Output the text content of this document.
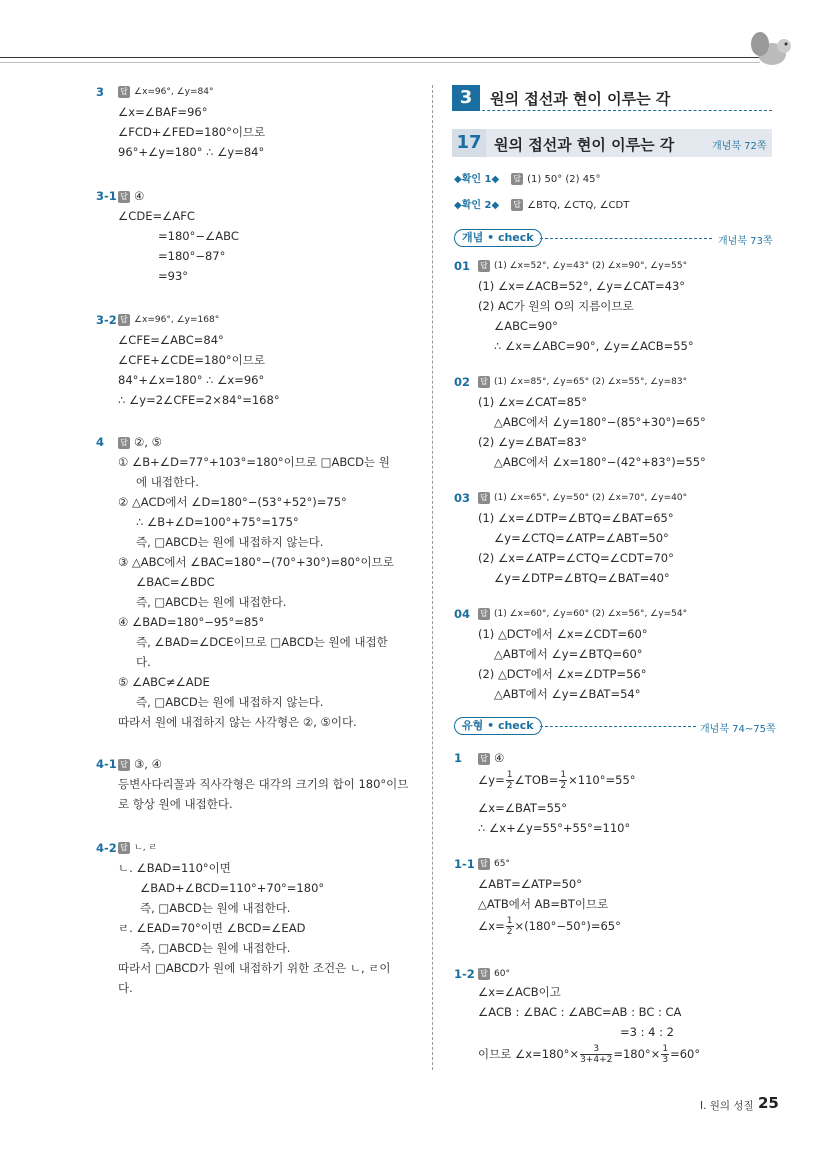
3 답 ∠x=96°, ∠y=84°
∠x=∠BAF=96°
∠FCD+∠FED=180°이므로
96°+∠y=180° ∴ ∠y=84°
3-1 답 ④
∠CDE=∠AFC
=180°−∠ABC
=180°−87°
=93°
3-2 답 ∠x=96°, ∠y=168°
∠CFE=∠ABC=84°
∠CFE+∠CDE=180°이므로
84°+∠x=180° ∴ ∠x=96°
∴ ∠y=2∠CFE=2×84°=168°
4 답 ②, ⑤
① ∠B+∠D=77°+103°=180°이므로 □ABCD는 원
에 내접한다.
② △ACD에서 ∠D=180°−(53°+52°)=75°
∴ ∠B+∠D=100°+75°=175°
즉, □ABCD는 원에 내접하지 않는다.
③ △ABC에서 ∠BAC=180°−(70°+30°)=80°이므로
∠BAC=∠BDC
즉, □ABCD는 원에 내접한다.
④ ∠BAD=180°−95°=85°
즉, ∠BAD=∠DCE이므로 □ABCD는 원에 내접한
다.
⑤ ∠ABC≠∠ADE
즉, □ABCD는 원에 내접하지 않는다.
따라서 원에 내접하지 않는 사각형은 ②, ⑤이다.
4-1 답 ③, ④
등변사다리꼴과 직사각형은 대각의 크기의 합이 180°이므
로 항상 원에 내접한다.
4-2 답 ㄴ, ㄹ
ㄴ. ∠BAD=110°이면
∠BAD+∠BCD=110°+70°=180°
즉, □ABCD는 원에 내접한다.
ㄹ. ∠EAD=70°이면 ∠BCD=∠EAD
즉, □ABCD는 원에 내접한다.
따라서 □ABCD가 원에 내접하기 위한 조건은 ㄴ, ㄹ이
다.
3	원의 접선과 현이 이루는 각
17 원의 접선과 현이 이루는 각	개념북 72쪽
◆확인 1◆ 답 (1) 50° (2) 45°
◆확인 2◆ 답 ∠BTQ, ∠CTQ, ∠CDT
개념 • check	개념북 73쪽
유형 • check	개념북 74~75쪽
01 답 (1) ∠x=52°, ∠y=43° (2) ∠x=90°, ∠y=55°
(1) ∠x=∠ACB=52°, ∠y=∠CAT=43°
(2) AC가 원의 O의 지름이므로
∠ABC=90°
∴ ∠x=∠ABC=90°, ∠y=∠ACB=55°
02 답 (1) ∠x=85°, ∠y=65° (2) ∠x=55°, ∠y=83°
(1) ∠x=∠CAT=85°
△ABC에서 ∠y=180°−(85°+30°)=65°
(2) ∠y=∠BAT=83°
△ABC에서 ∠x=180°−(42°+83°)=55°
03 답 (1) ∠x=65°, ∠y=50° (2) ∠x=70°, ∠y=40°
(1) ∠x=∠DTP=∠BTQ=∠BAT=65°
∠y=∠CTQ=∠ATP=∠ABT=50°
(2) ∠x=∠ATP=∠CTQ=∠CDT=70°
∠y=∠DTP=∠BTQ=∠BAT=40°
04 답 (1) ∠x=60°, ∠y=60° (2) ∠x=56°, ∠y=54°
(1) △DCT에서 ∠x=∠CDT=60°
△ABT에서 ∠y=∠BTQ=60°
(2) △DCT에서 ∠x=∠DTP=56°
△ABT에서 ∠y=∠BAT=54°
1 답 ④
∠x=∠BAT=55°
∴ ∠x+∠y=55°+55°=110°
1-1 답 65°
∠ABT=∠ATP=50°
△ATB에서 AB=BT이므로
1-2 답 60°
∠x=∠ACB이고
∠ACB : ∠BAC : ∠ABC=AB : BC : CA
=3 : 4 : 2
∠y= $\frac{1}{2}$ ∠TOB= $\frac{1}{2} \times 110^\circ=55^\circ$
∠x= $\frac{1}{2} \times(180^\circ-50^\circ)=65^\circ$
이므로 ∠x=180°× $\frac{3}{3+4+2} =180^\circ\times \frac{1}{3} =60^\circ$
Ⅰ. 원의 성질 25
